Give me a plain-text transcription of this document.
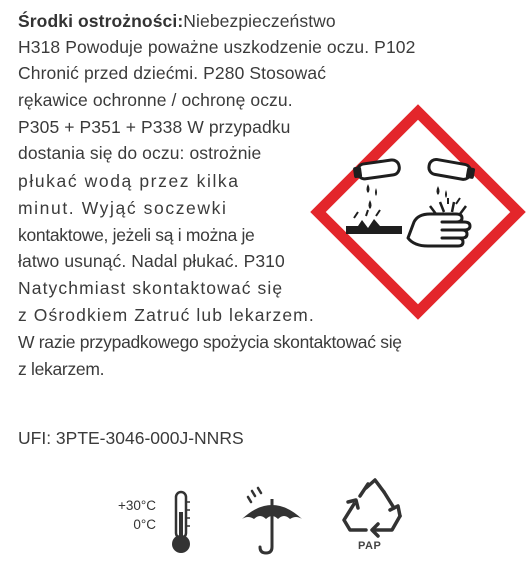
Środki ostrożności:Niebezpieczeństwo
H318 Powoduje poważne uszkodzenie oczu. P102
Chronić przed dziećmi. P280 Stosować
rękawice ochronne / ochronę oczu.
P305 + P351 + P338 W przypadku
dostania się do oczu: ostrożnie
płukać wodą przez kilka
minut. Wyjąć soczewki
kontaktowe, jeżeli są i można je
łatwo usunąć. Nadal płukać. P310
Natychmiast skontaktować się
z Ośrodkiem Zatruć lub lekarzem.
W razie przypadkowego spożycia skontaktować się
z lekarzem.
UFI: 3PTE-3046-000J-NNRS
+30°C
0°C
PAP
